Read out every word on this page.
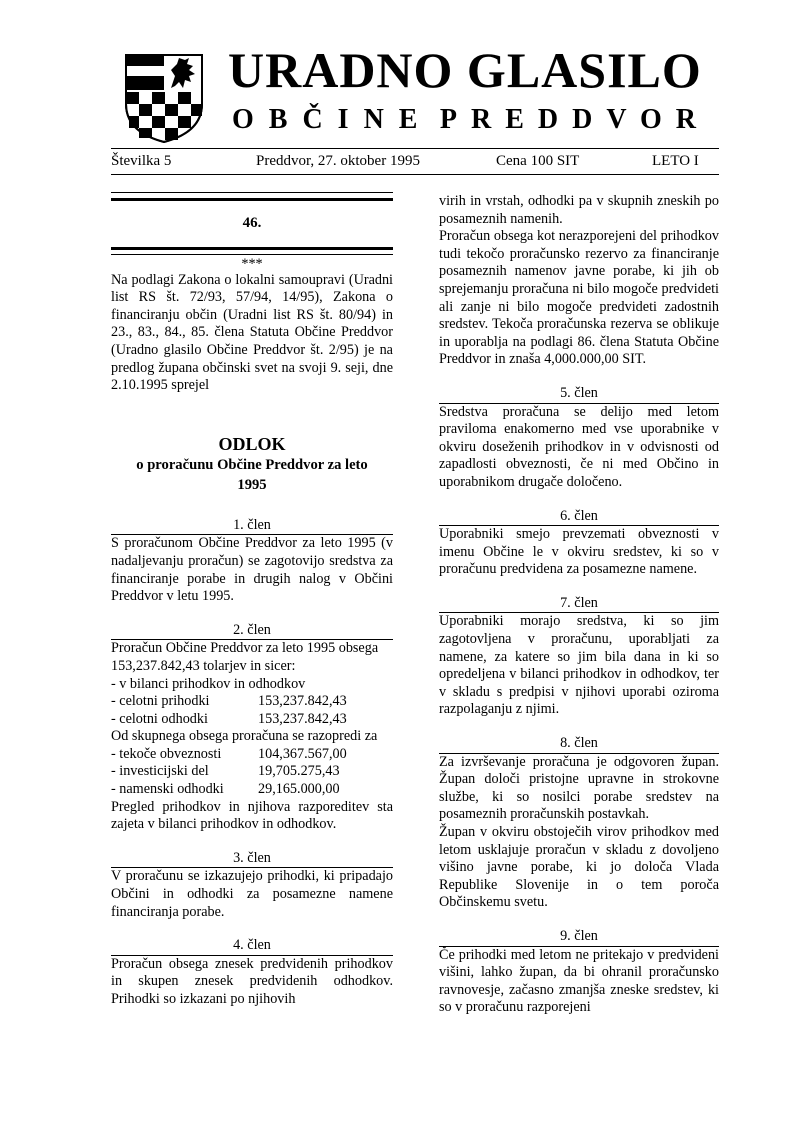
URADNO GLASILO
OBČINE PREDDVOR
Številka 5	Preddvor, 27. oktober 1995	Cena 100 SIT	LETO I
46.

***

Na podlagi Zakona o lokalni samoupravi (Uradni list RS št. 72/93, 57/94, 14/95), Zakona o financiranju občin (Uradni list RS št. 80/94) in 23., 83., 84., 85. člena Statuta Občine Preddvor (Uradno glasilo Občine Preddvor št. 2/95) je na predlog župana občinski svet na svoji 9. seji, dne 2.10.1995 sprejel

ODLOK
o proračunu Občine Preddvor za leto
1995

1. člen

S proračunom Občine Preddvor za leto 1995 (v nadaljevanju proračun) se zagotovijo sredstva za financiranje porabe in drugih nalog v Občini Preddvor v letu 1995.

2. člen

Proračun Občine Preddvor za leto 1995 obsega

153,237.842,43 tolarjev in sicer:

- v bilanci prihodkov in odhodkov

- celotni prihodki	153,237.842,43
- celotni odhodki	153,237.842,43

Od skupnega obsega proračuna se razopredi za

- tekoče obveznosti	104,367.567,00
- investicijski del	19,705.275,43
- namenski odhodki	29,165.000,00

Pregled prihodkov in njihova razporeditev sta zajeta v bilanci prihodkov in odhodkov.

3. člen

V proračunu se izkazujejo prihodki, ki pripadajo Občini in odhodki za posamezne namene financiranja porabe.

4. člen

Proračun obsega znesek predvidenih prihodkov in skupen znesek predvidenih odhodkov. Prihodki so izkazani po njihovih

virih in vrstah, odhodki pa v skupnih zneskih po posameznih namenih.

Proračun obsega kot nerazporejeni del prihodkov tudi tekočo proračunsko rezervo za financiranje posameznih namenov javne porabe, ki jih ob sprejemanju proračuna ni bilo mogoče predvideti ali zanje ni bilo mogoče predvideti zadostnih sredstev. Tekoča proračunska rezerva se oblikuje in uporablja na podlagi 86. člena Statuta Občine Preddvor in znaša 4,000.000,00 SIT.

5. člen

Sredstva proračuna se delijo med letom praviloma enakomerno med vse uporabnike v okviru doseženih prihodkov in v odvisnosti od zapadlosti obveznosti, če ni med Občino in uporabnikom drugače določeno.

6. člen

Uporabniki smejo prevzemati obveznosti v imenu Občine le v okviru sredstev, ki so v proračunu predvidena za posamezne namene.

7. člen

Uporabniki morajo sredstva, ki so jim zagotovljena v proračunu, uporabljati za namene, za katere so jim bila dana in ki so opredeljena v bilanci prihodkov in odhodkov, ter v skladu s predpisi v njihovi uporabi oziroma razpolaganju z njimi.

8. člen

Za izvrševanje proračuna je odgovoren župan. Župan določi pristojne upravne in strokovne službe, ki so nosilci porabe sredstev na posameznih proračunskih postavkah.

Župan v okviru obstoječih virov prihodkov med letom usklajuje proračun v skladu z dovoljeno višino javne porabe, ki jo določa Vlada Republike Slovenije in o tem poroča Občinskemu svetu.

9. člen

Če prihodki med letom ne pritekajo v predvideni višini, lahko župan, da bi ohranil proračunsko ravnovesje, začasno zmanjša zneske sredstev, ki so v proračunu razporejeni
